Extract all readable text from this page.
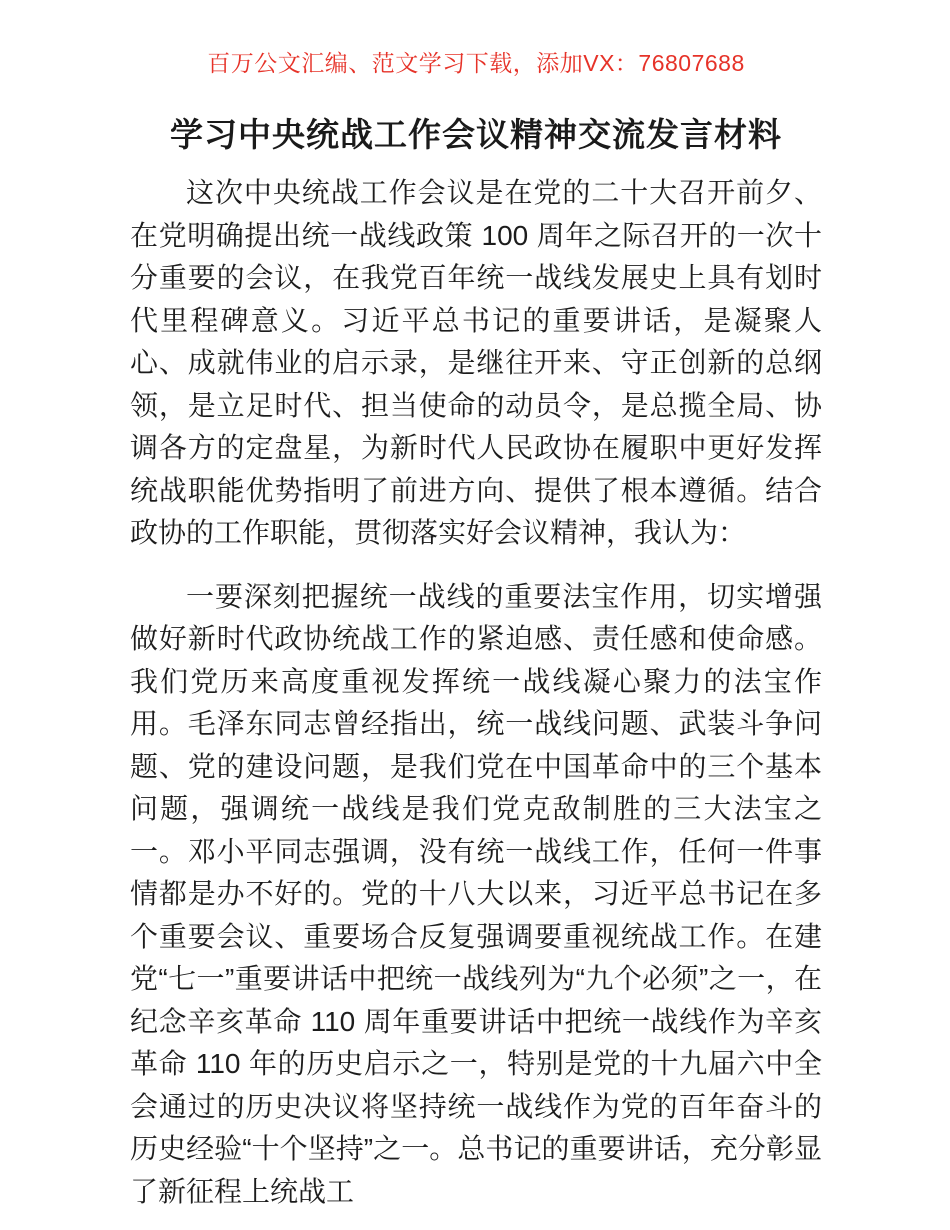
百万公文汇编、范文学习下载，添加VX：76807688
学习中央统战工作会议精神交流发言材料

这次中央统战工作会议是在党的二十大召开前夕、在党明确提出统一战线政策 100 周年之际召开的一次十分重要的会议，在我党百年统一战线发展史上具有划时代里程碑意义。习近平总书记的重要讲话，是凝聚人心、成就伟业的启示录，是继往开来、守正创新的总纲领，是立足时代、担当使命的动员令，是总揽全局、协调各方的定盘星，为新时代人民政协在履职中更好发挥统战职能优势指明了前进方向、提供了根本遵循。结合政协的工作职能，贯彻落实好会议精神，我认为：

一要深刻把握统一战线的重要法宝作用，切实增强做好新时代政协统战工作的紧迫感、责任感和使命感。我们党历来高度重视发挥统一战线凝心聚力的法宝作用。毛泽东同志曾经指出，统一战线问题、武装斗争问题、党的建设问题，是我们党在中国革命中的三个基本问题，强调统一战线是我们党克敌制胜的三大法宝之一。邓小平同志强调，没有统一战线工作，任何一件事情都是办不好的。党的十八大以来，习近平总书记在多个重要会议、重要场合反复强调要重视统战工作。在建党“七一”重要讲话中把统一战线列为“九个必须”之一，在纪念辛亥革命 110 周年重要讲话中把统一战线作为辛亥革命 110 年的历史启示之一，特别是党的十九届六中全会通过的历史决议将坚持统一战线作为党的百年奋斗的历史经验“十个坚持”之一。总书记的重要讲话，充分彰显了新征程上统战工
